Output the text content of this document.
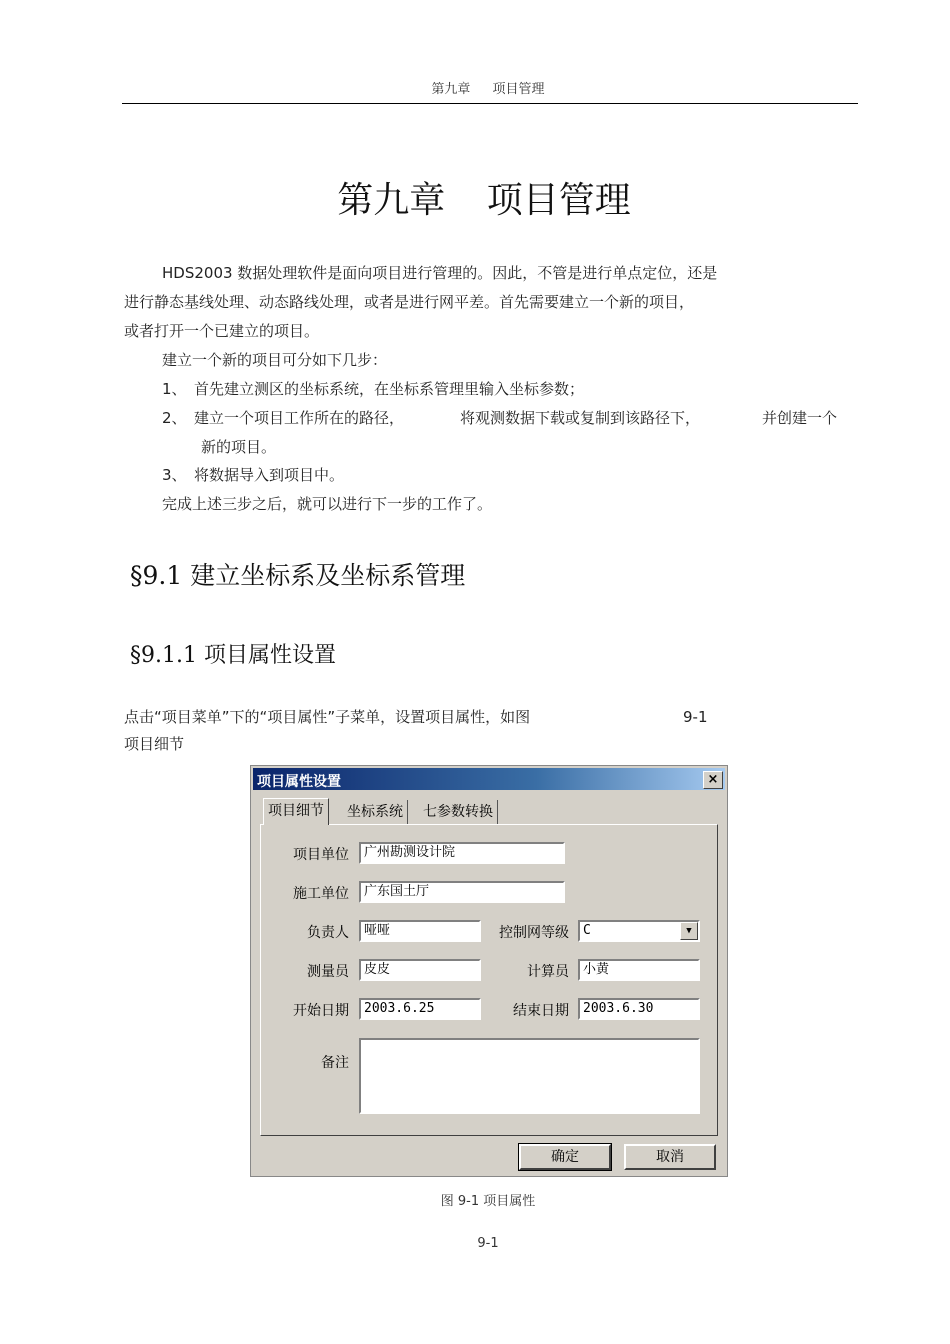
第九章 项目管理
第九章 项目管理
HDS2003 数据处理软件是面向项目进行管理的。因此，不管是进行单点定位，还是
进行静态基线处理、动态路线处理，或者是进行网平差。首先需要建立一个新的项目，
或者打开一个已建立的项目。
建立一个新的项目可分如下几步：
1、 首先建立测区的坐标系统，在坐标系管理里输入坐标参数；
2、 建立一个项目工作所在的路径，	将观测数据下载或复制到该路径下，	并创建一个
新的项目。
3、 将数据导入到项目中。
完成上述三步之后，就可以进行下一步的工作了。
§9.1 建立坐标系及坐标系管理
§9.1.1 项目属性设置
点击“项目菜单”下的“项目属性”子菜单，设置项目属性，如图	9-1
项目细节
项目属性设置	×
项目细节	坐标系统	七参数转换
项目单位	广州勘测设计院
施工单位	广东国土厅
负责人	哑哑	控制网等级	C	▼
测量员	皮皮	计算员	小黄
开始日期	2003.6.25	结束日期	2003.6.30
备注
确定	取消
图 9-1 项目属性
9-1
